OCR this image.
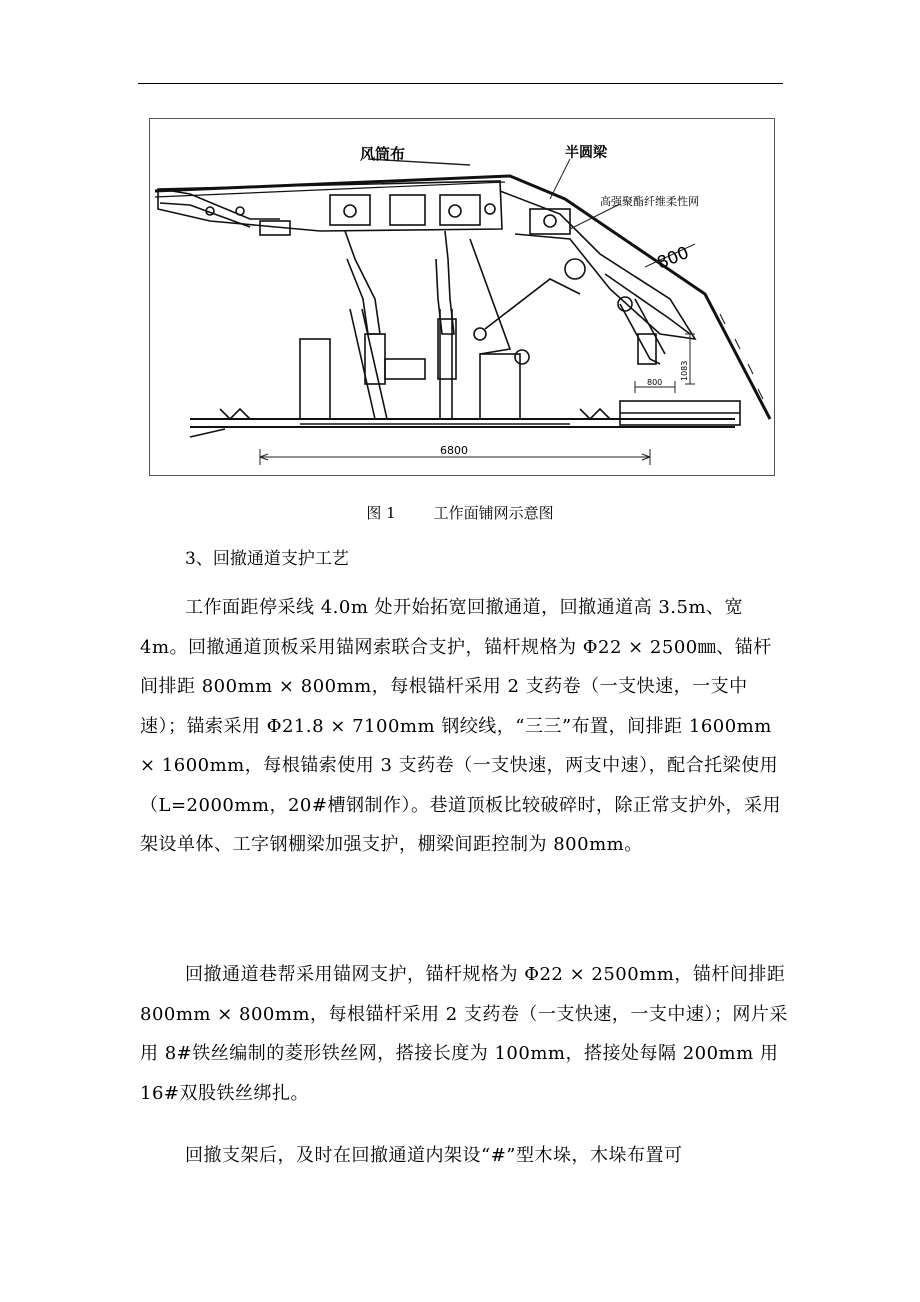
风筒布	半圆梁
高强聚酯纤维柔性网
800
800
1083
6800
图 1	工作面铺网示意图
3、回撤通道支护工艺

工作面距停采线 4.0m 处开始拓宽回撤通道，回撤通道高 3.5m、宽 4m。回撤通道顶板采用锚网索联合支护，锚杆规格为 Φ22 × 2500㎜、锚杆间排距 800mm × 800mm，每根锚杆采用 2 支药卷（一支快速，一支中速）；锚索采用 Φ21.8 × 7100mm 钢绞线，“三三”布置，间排距 1600mm × 1600mm，每根锚索使用 3 支药卷（一支快速，两支中速），配合托梁使用（L=2000mm，20#槽钢制作）。巷道顶板比较破碎时，除正常支护外，采用架设单体、工字钢棚梁加强支护，棚梁间距控制为 800mm。

回撤通道巷帮采用锚网支护，锚杆规格为 Φ22 × 2500mm，锚杆间排距 800mm × 800mm，每根锚杆采用 2 支药卷（一支快速，一支中速）；网片采用 8#铁丝编制的菱形铁丝网，搭接长度为 100mm，搭接处每隔 200mm 用 16#双股铁丝绑扎。

回撤支架后，及时在回撤通道内架设“#”型木垛，木垛布置可
